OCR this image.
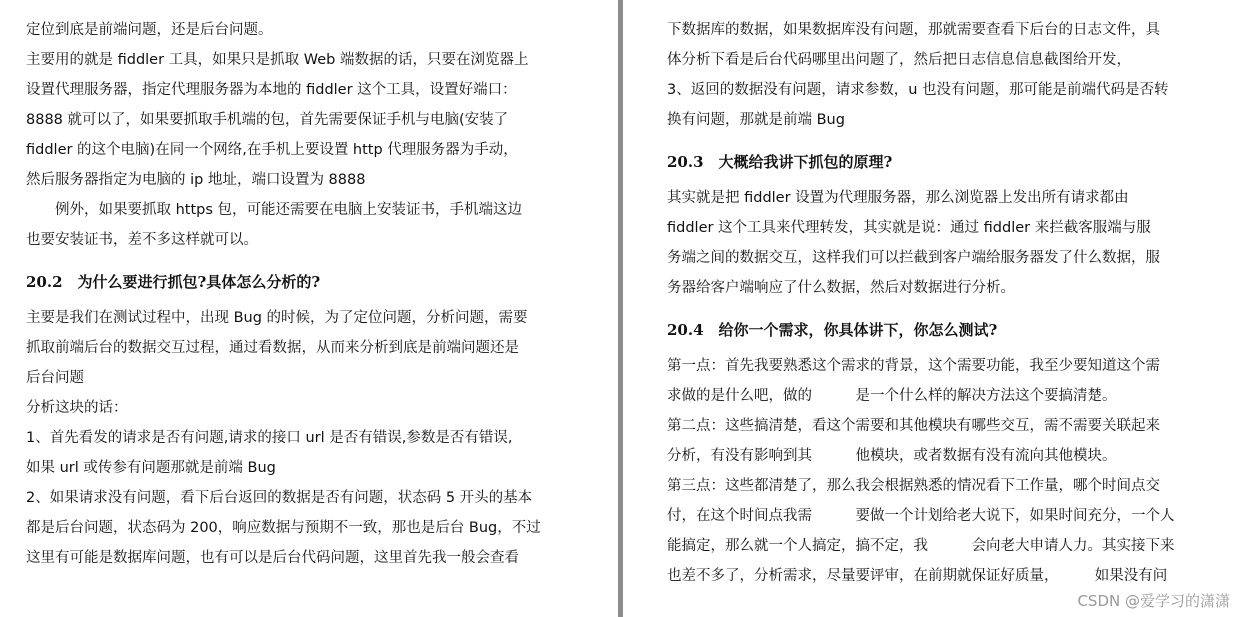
定位到底是前端问题，还是后台问题。
主要用的就是 fiddler 工具，如果只是抓取 Web 端数据的话，只要在浏览器上
设置代理服务器，指定代理服务器为本地的 fiddler 这个工具，设置好端口：
8888 就可以了，如果要抓取手机端的包，首先需要保证手机与电脑(安装了
fiddler 的这个电脑)在同一个网络,在手机上要设置 http 代理服务器为手动，
然后服务器指定为电脑的 ip 地址，端口设置为 8888
　　例外，如果要抓取 https 包，可能还需要在电脑上安装证书，手机端这边
也要安装证书，差不多这样就可以。
20.2　为什么要进行抓包?具体怎么分析的?
主要是我们在测试过程中，出现 Bug 的时候，为了定位问题，分析问题，需要
抓取前端后台的数据交互过程，通过看数据，从而来分析到底是前端问题还是
后台问题
分析这块的话：
1、首先看发的请求是否有问题,请求的接口 url 是否有错误,参数是否有错误,
如果 url 或传参有问题那就是前端 Bug
2、如果请求没有问题，看下后台返回的数据是否有问题，状态码 5 开头的基本
都是后台问题，状态码为 200，响应数据与预期不一致，那也是后台 Bug，不过
这里有可能是数据库问题，也有可以是后台代码问题，这里首先我一般会查看
下数据库的数据，如果数据库没有问题，那就需要查看下后台的日志文件，具
体分析下看是后台代码哪里出问题了，然后把日志信息信息截图给开发，
3、返回的数据没有问题，请求参数，u 也没有问题，那可能是前端代码是否转
换有问题，那就是前端 Bug
20.3　大概给我讲下抓包的原理?
其实就是把 fiddler 设置为代理服务器，那么浏览器上发出所有请求都由
fiddler 这个工具来代理转发，其实就是说：通过 fiddler 来拦截客服端与服
务端之间的数据交互，这样我们可以拦截到客户端给服务器发了什么数据，服
务器给客户端响应了什么数据，然后对数据进行分析。
20.4　给你一个需求，你具体讲下，你怎么测试?
第一点：首先我要熟悉这个需求的背景，这个需要功能，我至少要知道这个需
求做的是什么吧，做的　　　是一个什么样的解决方法这个要搞清楚。
第二点：这些搞清楚，看这个需要和其他模块有哪些交互，需不需要关联起来
分析，有没有影响到其　　　他模块，或者数据有没有流向其他模块。
第三点：这些都清楚了，那么我会根据熟悉的情况看下工作量，哪个时间点交
付，在这个时间点我需　　　要做一个计划给老大说下，如果时间充分，一个人
能搞定，那么就一个人搞定，搞不定，我　　　会向老大申请人力。其实接下来
也差不多了，分析需求，尽量要评审，在前期就保证好质量，　　　如果没有问
CSDN @爱学习的潇潇
